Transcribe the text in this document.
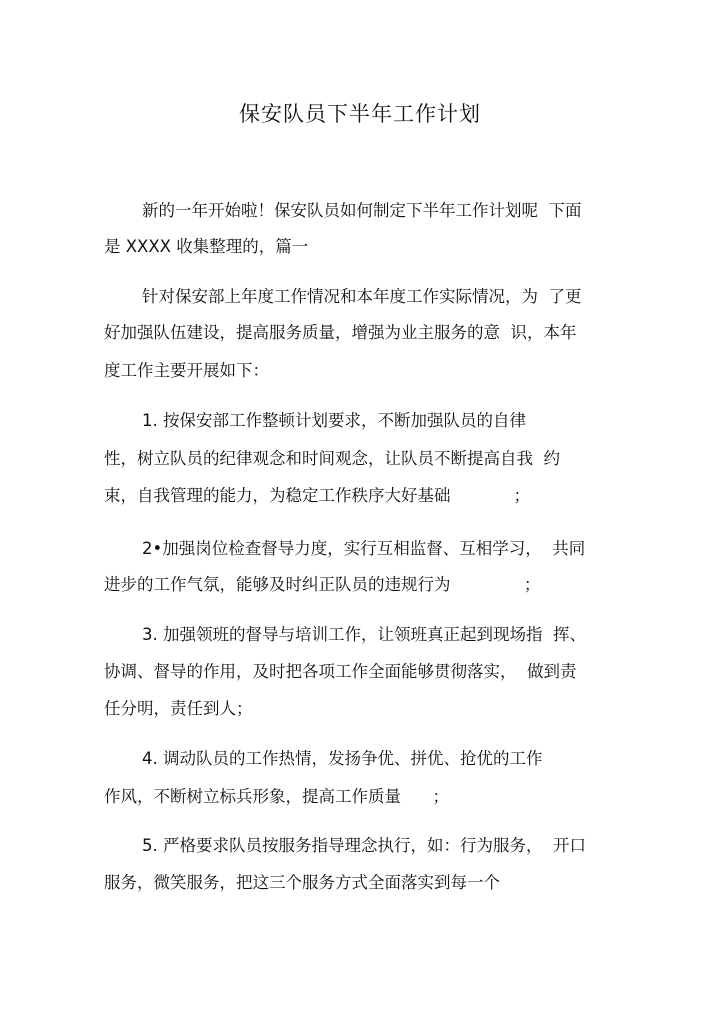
保安队员下半年工作计划
新的一年开始啦！保安队员如何制定下半年工作计划呢  下面
是 XXXX 收集整理的，篇一
针对保安部上年度工作情况和本年度工作实际情况，为  了更
好加强队伍建设，提高服务质量，增强为业主服务的意  识，本年
度工作主要开展如下：
1. 按保安部工作整顿计划要求，不断加强队员的自律
性，树立队员的纪律观念和时间观念，让队员不断提高自我  约
束，自我管理的能力，为稳定工作秩序大好基础            ；
2•加强岗位检查督导力度，实行互相监督、互相学习，  共同
进步的工作气氛，能够及时纠正队员的违规行为              ；
3. 加强领班的督导与培训工作，让领班真正起到现场指  挥、
协调、督导的作用，及时把各项工作全面能够贯彻落实，  做到责
任分明，责任到人；
4. 调动队员的工作热情，发扬争优、拼优、抢优的工作
作风，不断树立标兵形象，提高工作质量      ；
5. 严格要求队员按服务指导理念执行，如：行为服务，  开口
服务，微笑服务，把这三个服务方式全面落实到每一个
